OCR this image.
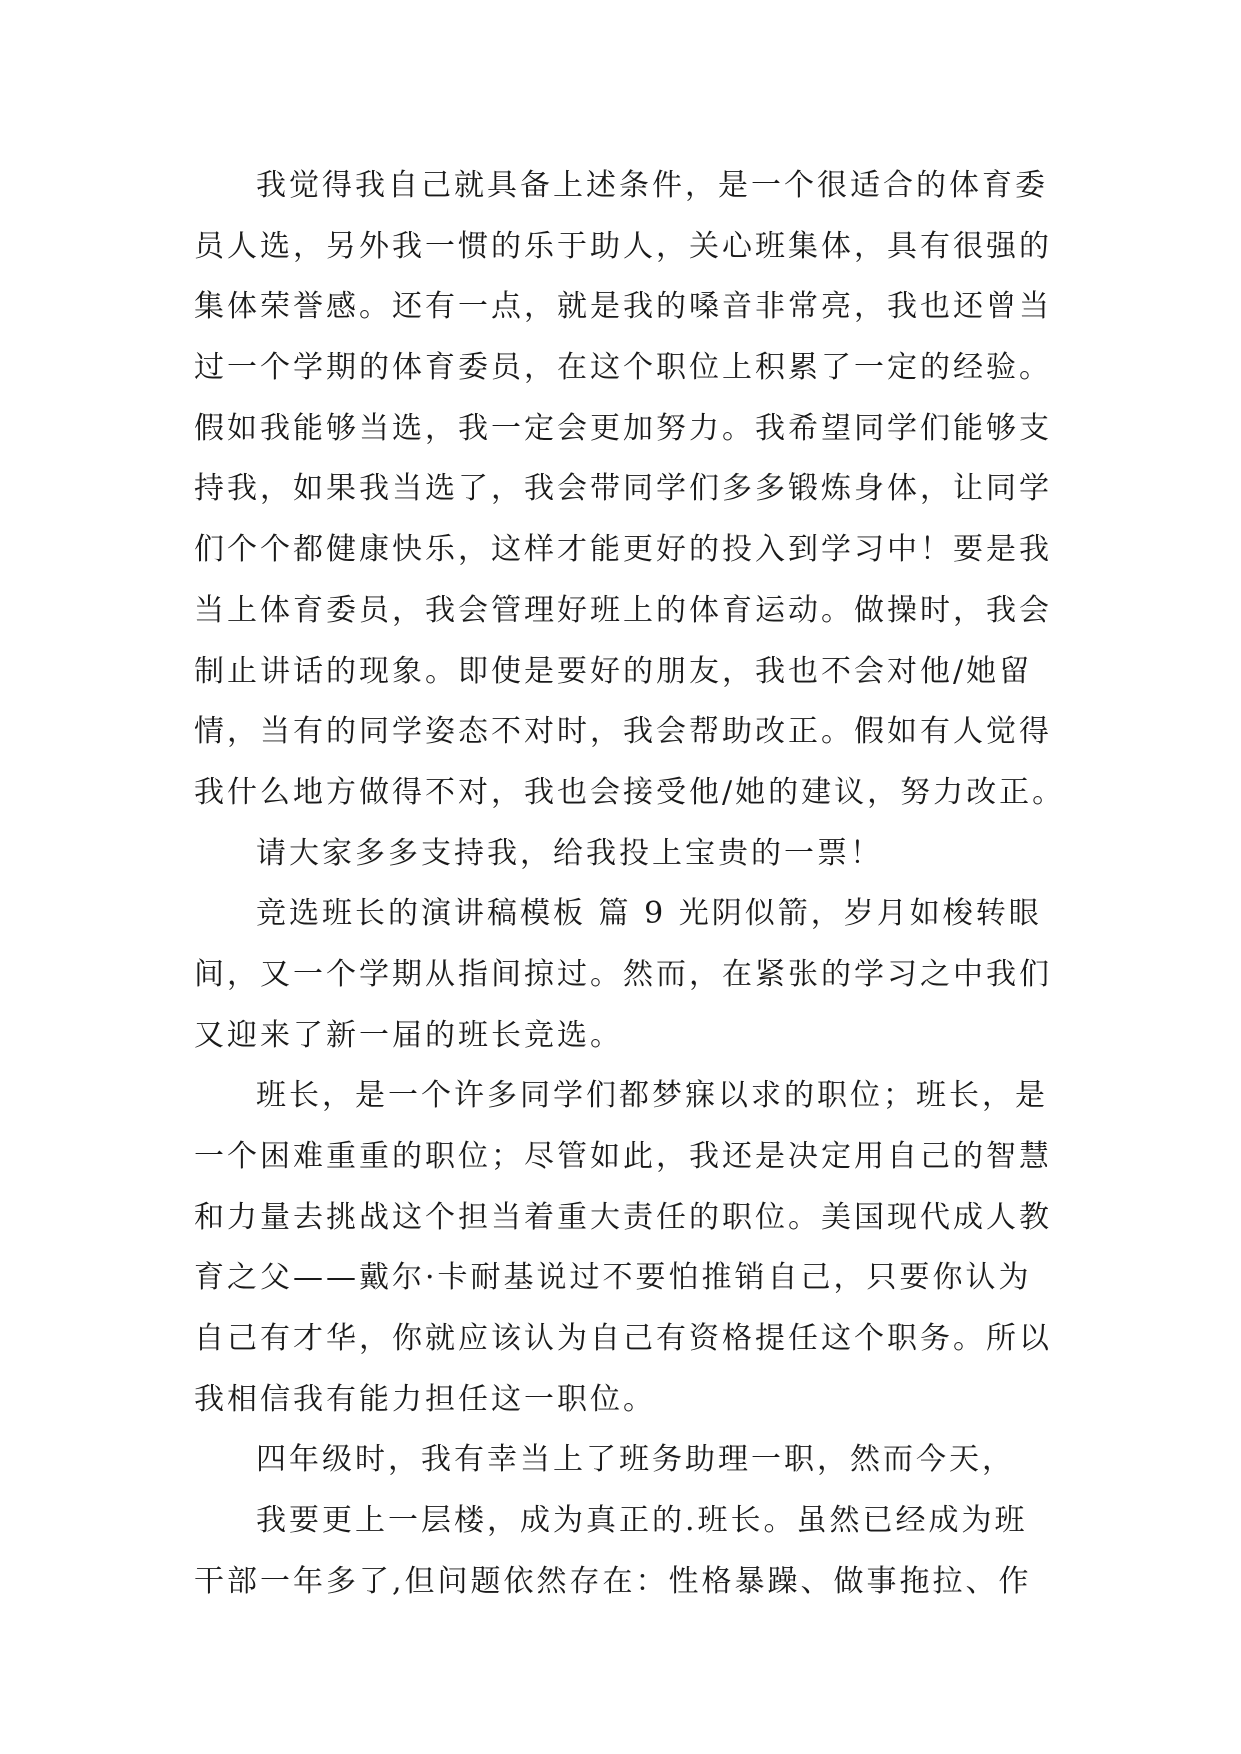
我觉得我自己就具备上述条件，是一个很适合的体育委
员人选，另外我一惯的乐于助人，关心班集体，具有很强的
集体荣誉感。还有一点，就是我的嗓音非常亮，我也还曾当
过一个学期的体育委员，在这个职位上积累了一定的经验。
假如我能够当选，我一定会更加努力。我希望同学们能够支
持我，如果我当选了，我会带同学们多多锻炼身体，让同学
们个个都健康快乐，这样才能更好的投入到学习中！要是我
当上体育委员，我会管理好班上的体育运动。做操时，我会
制止讲话的现象。即使是要好的朋友，我也不会对他/她留
情，当有的同学姿态不对时，我会帮助改正。假如有人觉得
我什么地方做得不对，我也会接受他/她的建议，努力改正。
请大家多多支持我，给我投上宝贵的一票！
竞选班长的演讲稿模板 篇 9 光阴似箭，岁月如梭转眼
间，又一个学期从指间掠过。然而，在紧张的学习之中我们
又迎来了新一届的班长竞选。
班长，是一个许多同学们都梦寐以求的职位；班长，是
一个困难重重的职位；尽管如此，我还是决定用自己的智慧
和力量去挑战这个担当着重大责任的职位。美国现代成人教
育之父——戴尔·卡耐基说过不要怕推销自己，只要你认为
自己有才华，你就应该认为自己有资格提任这个职务。所以
我相信我有能力担任这一职位。
四年级时，我有幸当上了班务助理一职，然而今天，
我要更上一层楼，成为真正的.班长。虽然已经成为班
干部一年多了,但问题依然存在：性格暴躁、做事拖拉、作
